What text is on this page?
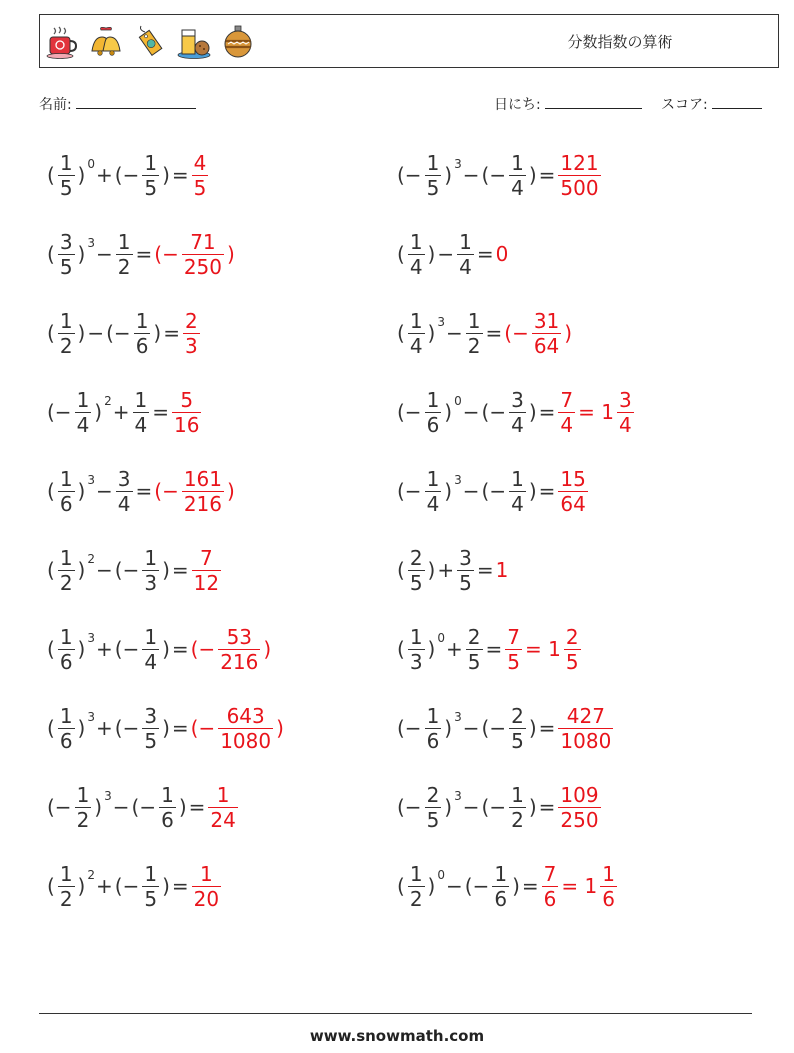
分数指数の算術
名前:	日にち:	スコア:
( $\frac{1}{5}$ ) 0 + (− $\frac{1}{5}$ ) = $\frac{4}{5}$	(− $\frac{1}{5}$ ) 3 − (− $\frac{1}{4}$ ) = $\frac{121}{500}$
( $\frac{3}{5}$ ) $3 - \frac{1}{2}$ = (− $\frac{71}{250}$ )	( $\frac{1}{4}$ ) − $\frac{1}{4} = 0$
( $\frac{1}{2}$ ) − (− $\frac{1}{6}$ ) = $\frac{2}{3}$	( $\frac{1}{4}$ ) $3 - \frac{1}{2}$ = (− $\frac{31}{64}$ )
(− $\frac{1}{4}$ ) $2 + \frac{1}{4} = \frac{5}{16}$	(− $\frac{1}{6}$ ) 0 − (− $\frac{3}{4}$ ) = $\frac{7}{4} = 1 \frac{3}{4}$
( $\frac{1}{6}$ ) $3 - \frac{3}{4}$ = (− $\frac{161}{216}$ )	(− $\frac{1}{4}$ ) 3 − (− $\frac{1}{4}$ ) = $\frac{15}{64}$
( $\frac{1}{2}$ ) 2 − (− $\frac{1}{3}$ ) = $\frac{7}{12}$	( $\frac{2}{5}$ ) + $\frac{3}{5} = 1$
( $\frac{1}{6}$ ) 3 + (− $\frac{1}{4}$ ) = (− $\frac{53}{216}$ )	( $\frac{1}{3}$ ) $0 + \frac{2}{5} = \frac{7}{5} = 1 \frac{2}{5}$
( $\frac{1}{6}$ ) 3 + (− $\frac{3}{5}$ ) = (− $\frac{643}{1080}$ )	(− $\frac{1}{6}$ ) 3 − (− $\frac{2}{5}$ ) = $\frac{427}{1080}$
(− $\frac{1}{2}$ ) 3 − (− $\frac{1}{6}$ ) = $\frac{1}{24}$	(− $\frac{2}{5}$ ) 3 − (− $\frac{1}{2}$ ) = $\frac{109}{250}$
( $\frac{1}{2}$ ) 2 + (− $\frac{1}{5}$ ) = $\frac{1}{20}$	( $\frac{1}{2}$ ) 0 − (− $\frac{1}{6}$ ) = $\frac{7}{6} = 1 \frac{1}{6}$
www.snowmath.com
